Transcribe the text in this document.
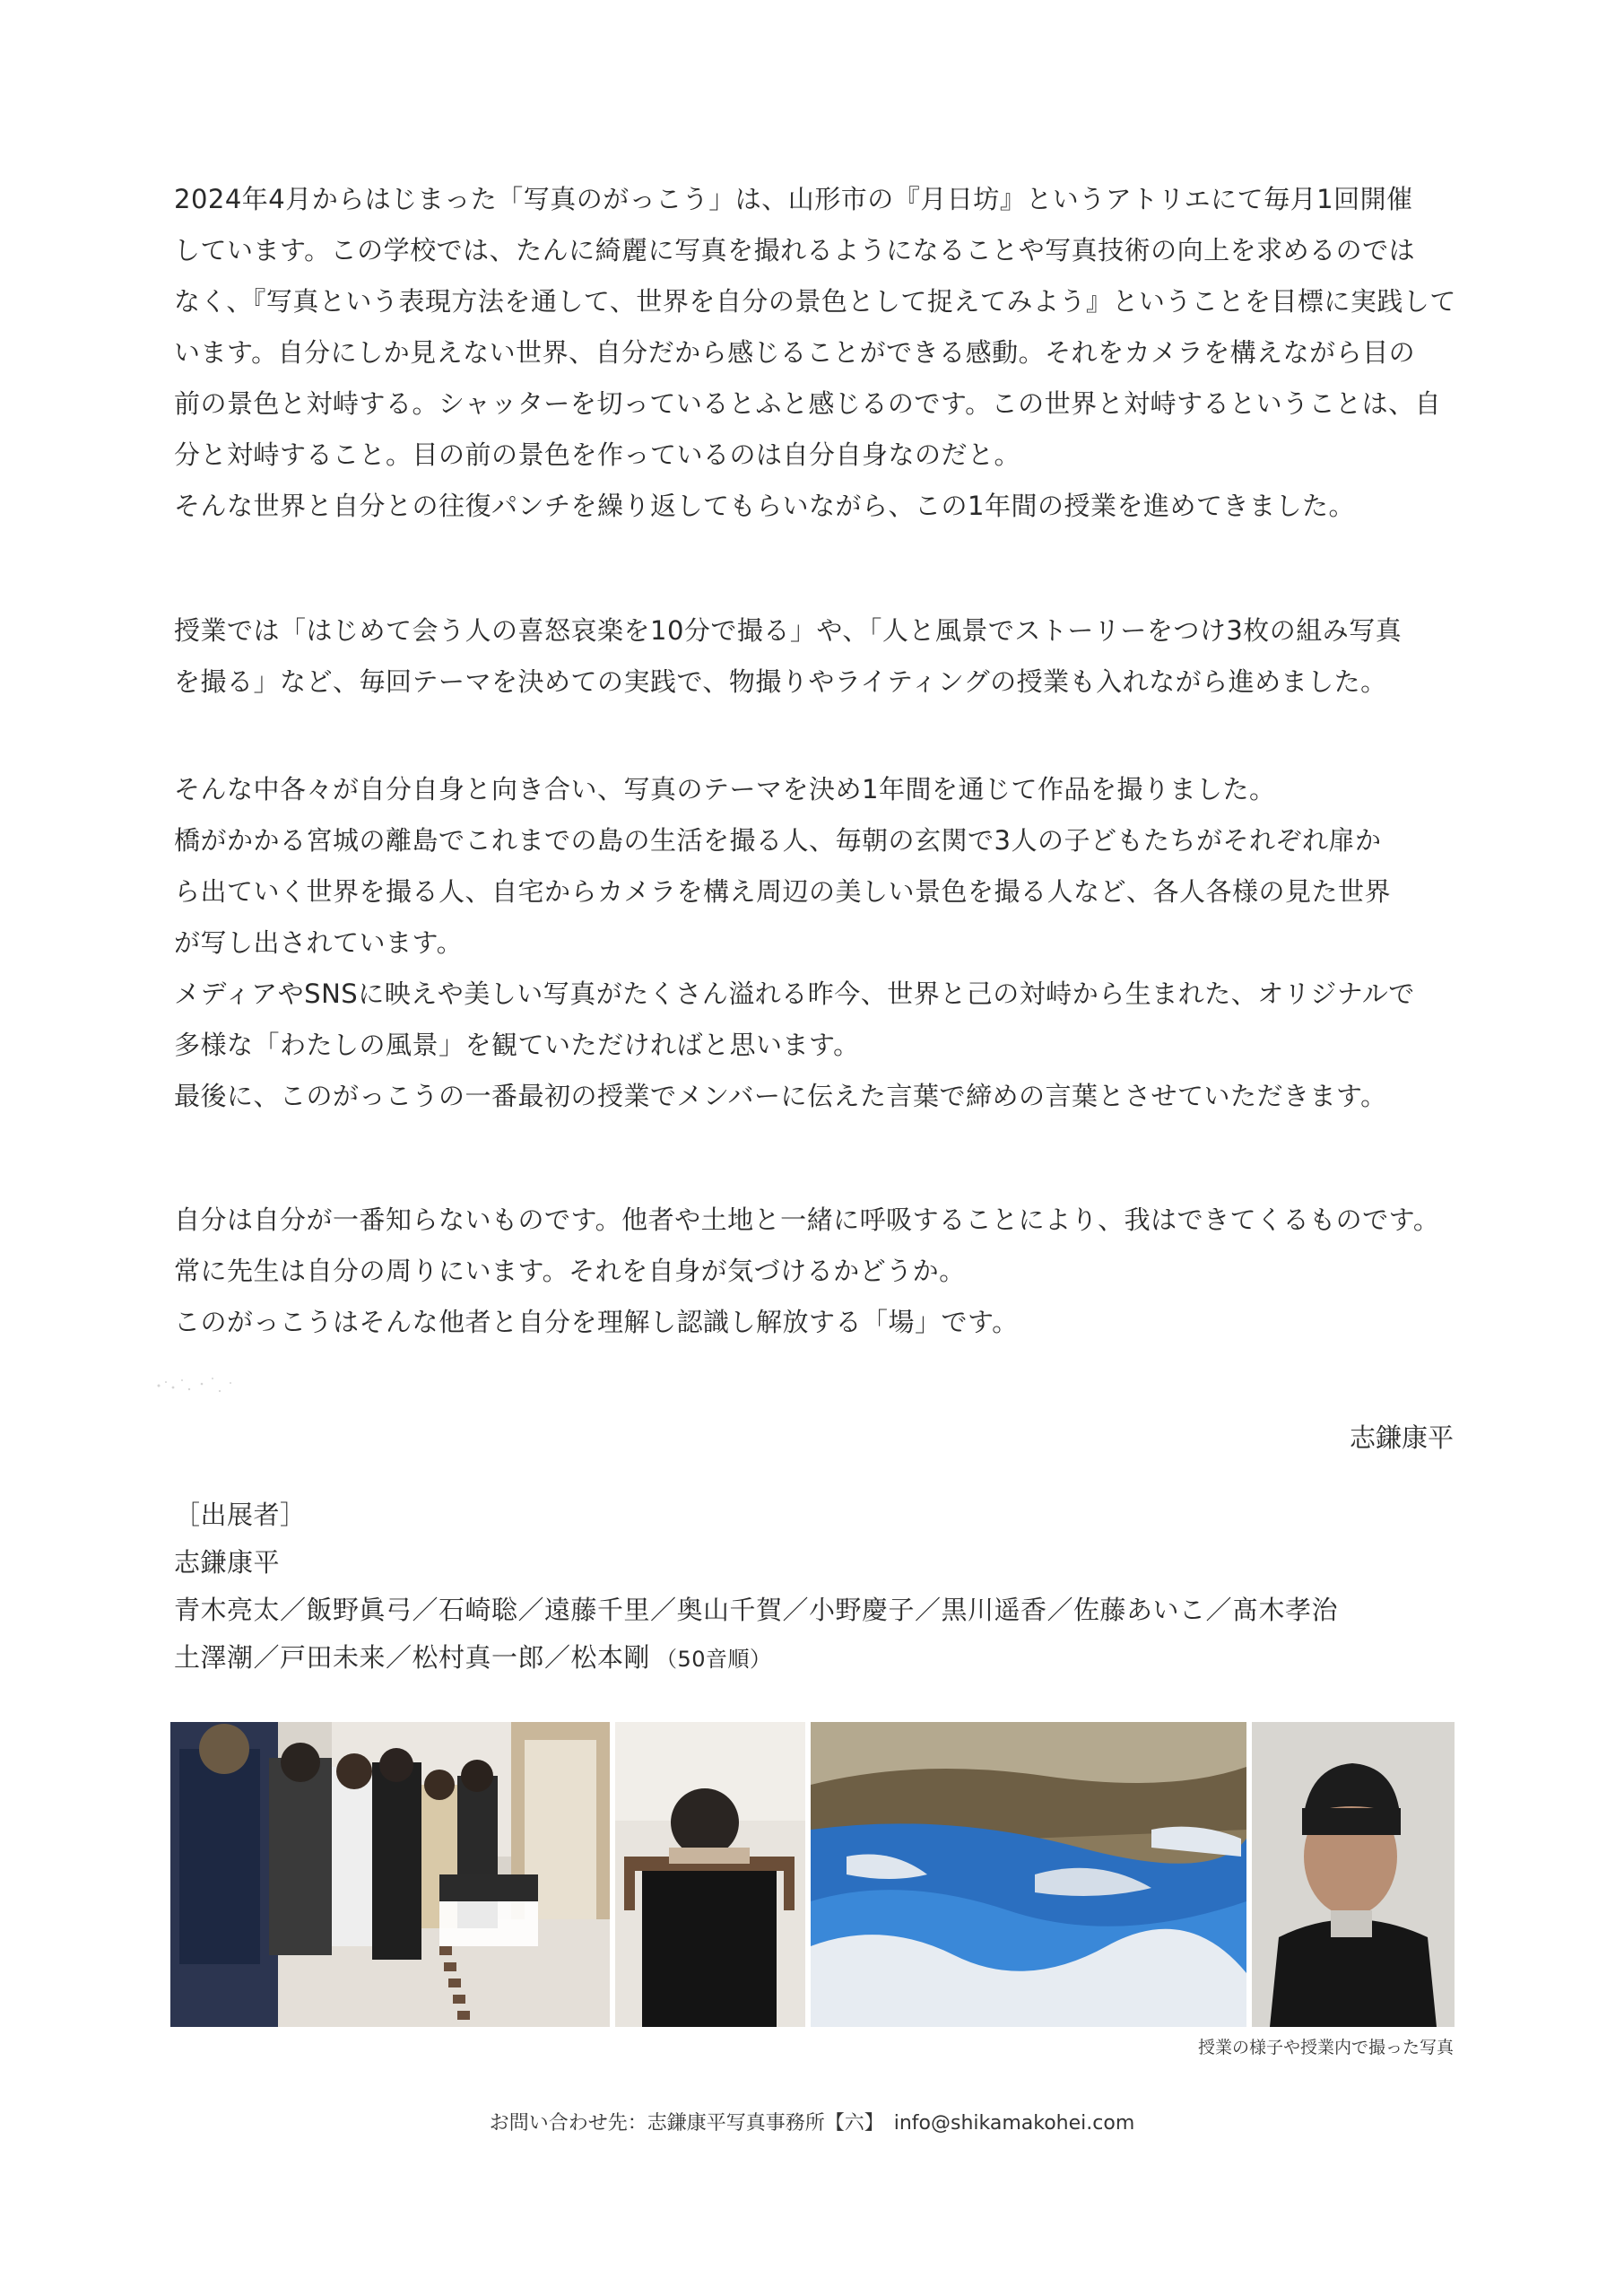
2024年4月からはじまった「写真のがっこう」は、山形市の『月日坊』というアトリエにて毎月1回開催
しています。この学校では、たんに綺麗に写真を撮れるようになることや写真技術の向上を求めるのでは
なく、『写真という表現方法を通して、世界を自分の景色として捉えてみよう』ということを目標に実践して
います。自分にしか見えない世界、自分だから感じることができる感動。それをカメラを構えながら目の
前の景色と対峙する。シャッターを切っているとふと感じるのです。この世界と対峙するということは、自
分と対峙すること。目の前の景色を作っているのは自分自身なのだと。
そんな世界と自分との往復パンチを繰り返してもらいながら、この1年間の授業を進めてきました。
授業では「はじめて会う人の喜怒哀楽を10分で撮る」や、「人と風景でストーリーをつけ3枚の組み写真
を撮る」など、毎回テーマを決めての実践で、物撮りやライティングの授業も入れながら進めました。
そんな中各々が自分自身と向き合い、写真のテーマを決め1年間を通じて作品を撮りました。
橋がかかる宮城の離島でこれまでの島の生活を撮る人、毎朝の玄関で3人の子どもたちがそれぞれ扉か
ら出ていく世界を撮る人、自宅からカメラを構え周辺の美しい景色を撮る人など、各人各様の見た世界
が写し出されています。
メディアやSNSに映えや美しい写真がたくさん溢れる昨今、世界と己の対峙から生まれた、オリジナルで
多様な「わたしの風景」を観ていただければと思います。
最後に、このがっこうの一番最初の授業でメンバーに伝えた言葉で締めの言葉とさせていただきます。
自分は自分が一番知らないものです。他者や土地と一緒に呼吸することにより、我はできてくるものです。
常に先生は自分の周りにいます。それを自身が気づけるかどうか。
このがっこうはそんな他者と自分を理解し認識し解放する「場」です。
志鎌康平
［出展者］
志鎌康平
青木亮太／飯野眞弓／石崎聡／遠藤千里／奥山千賀／小野慶子／黒川遥香／佐藤あいこ／髙木孝治
土澤潮／戸田未来／松村真一郎／松本剛 （50音順）
授業の様子や授業内で撮った写真
お問い合わせ先：志鎌康平写真事務所【六】　info@shikamakohei.com
